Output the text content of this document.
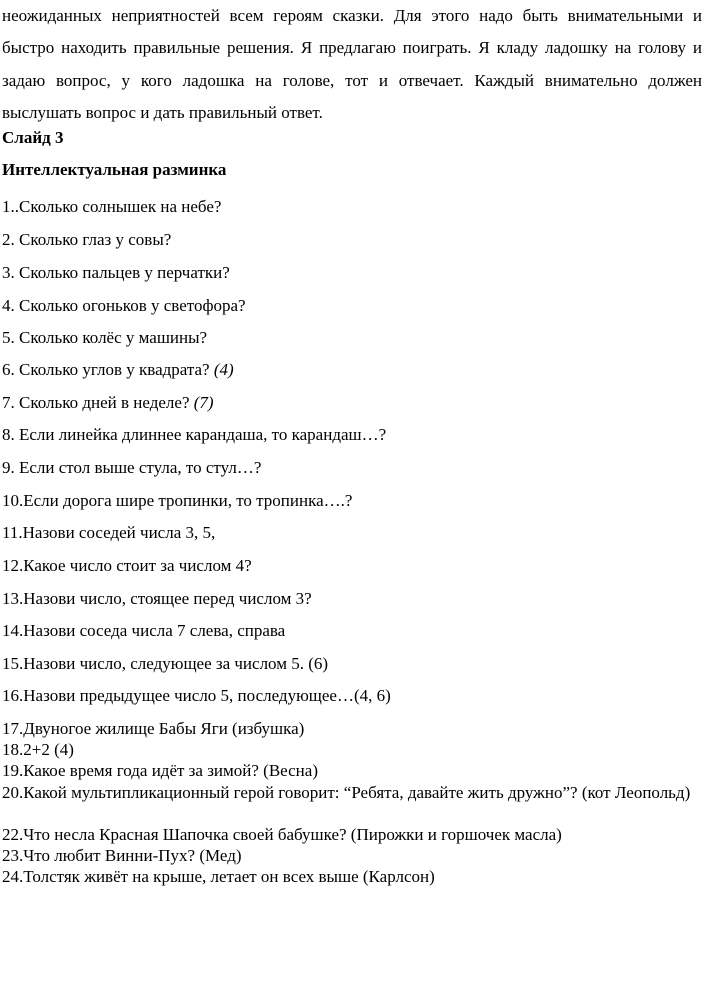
неожиданных неприятностей всем героям сказки. Для этого надо быть внимательными и быстро находить правильные решения. Я предлагаю поиграть. Я кладу ладошку на голову и задаю вопрос, у кого ладошка на голове, тот и отвечает. Каждый внимательно должен выслушать вопрос и дать правильный ответ.

Слайд 3
Интеллектуальная разминка
1..Сколько солнышек на небе?
2. Сколько глаз у совы?
3. Сколько пальцев у перчатки?
4. Сколько огоньков у светофора?
5. Сколько колёс у машины?
6. Сколько углов у квадрата? (4)
7. Сколько дней в неделе? (7)
8. Если линейка длиннее карандаша, то карандаш…?
9. Если стол выше стула, то стул…?
10.Если дорога шире тропинки, то тропинка….?
11.Назови соседей числа 3, 5,
12.Какое число стоит за числом 4?
13.Назови число, стоящее перед числом 3?
14.Назови соседа числа 7 слева, справа
15.Назови число, следующее за числом 5. (6)
16.Назови предыдущее число 5, последующее…(4, 6)
17.Двуногое жилище Бабы Яги (избушка)
18.2+2 (4)
19.Какое время года идёт за зимой? (Весна)
20.Какой мультипликационный герой говорит: “Ребята, давайте жить дружно”? (кот Леопольд)
22.Что несла Красная Шапочка своей бабушке? (Пирожки и горшочек масла)
23.Что любит Винни-Пух? (Мед)
24.Толстяк живёт на крыше, летает он всех выше (Карлсон)
